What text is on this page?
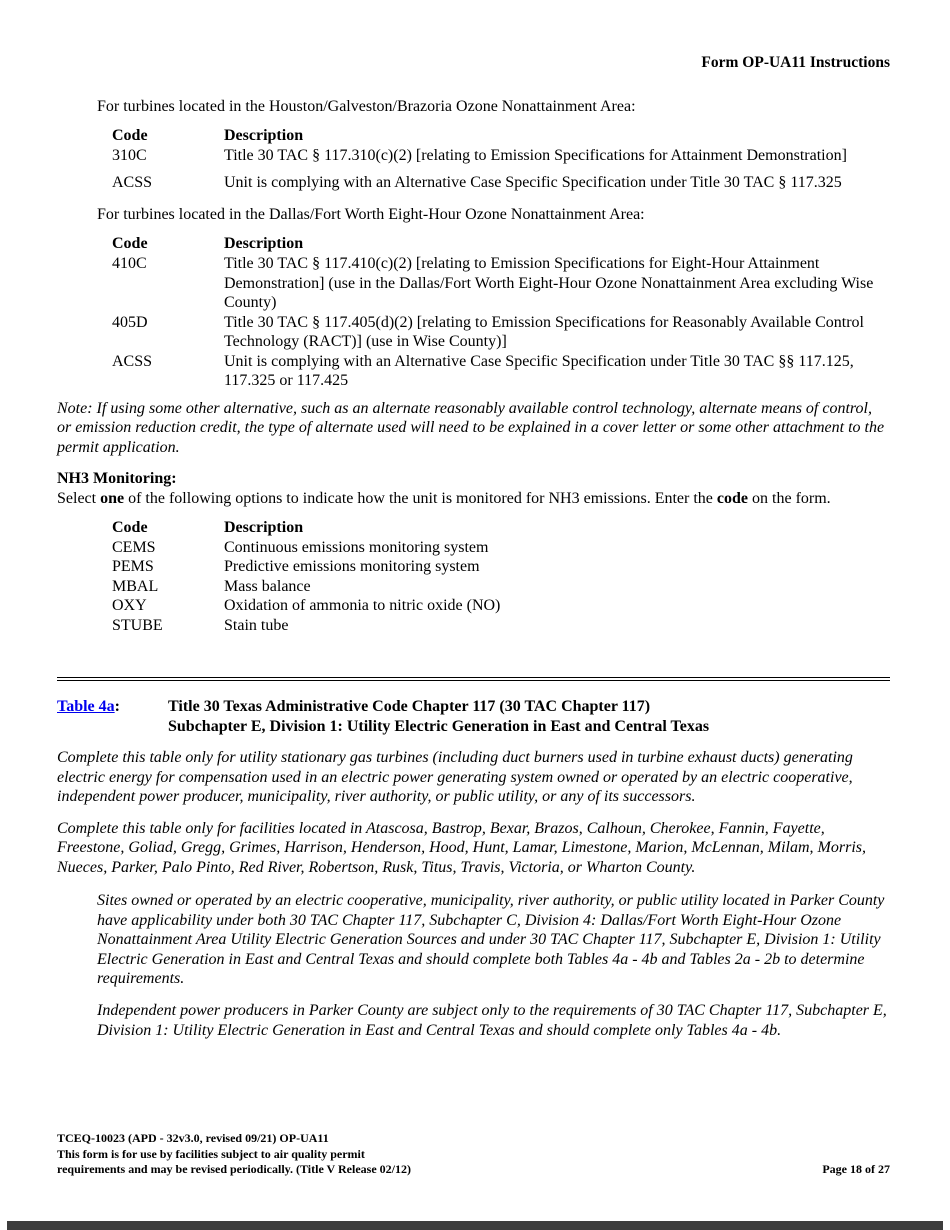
Form OP-UA11 Instructions

For turbines located in the Houston/Galveston/Brazoria Ozone Nonattainment Area:

Code	Description
310C	Title 30 TAC § 117.310(c)(2) [relating to Emission Specifications for Attainment Demonstration]
ACSS	Unit is complying with an Alternative Case Specific Specification under Title 30 TAC § 117.325

For turbines located in the Dallas/Fort Worth Eight-Hour Ozone Nonattainment Area:

Code	Description
410C	Title 30 TAC § 117.410(c)(2) [relating to Emission Specifications for Eight-Hour Attainment Demonstration] (use in the Dallas/Fort Worth Eight-Hour Ozone Nonattainment Area excluding Wise County)
405D	Title 30 TAC § 117.405(d)(2) [relating to Emission Specifications for Reasonably Available Control Technology (RACT)] (use in Wise County)]
ACSS	Unit is complying with an Alternative Case Specific Specification under Title 30 TAC §§ 117.125, 117.325 or 117.425

Note: If using some other alternative, such as an alternate reasonably available control technology, alternate means of control, or emission reduction credit, the type of alternate used will need to be explained in a cover letter or some other attachment to the permit application.

NH3 Monitoring:

Select one of the following options to indicate how the unit is monitored for NH3 emissions. Enter the code on the form.

Code	Description
CEMS	Continuous emissions monitoring system
PEMS	Predictive emissions monitoring system
MBAL	Mass balance
OXY	Oxidation of ammonia to nitric oxide (NO)
STUBE	Stain tube
Table 4a:	Title 30 Texas Administrative Code Chapter 117 (30 TAC Chapter 117)
Subchapter E, Division 1: Utility Electric Generation in East and Central Texas

Complete this table only for utility stationary gas turbines (including duct burners used in turbine exhaust ducts) generating electric energy for compensation used in an electric power generating system owned or operated by an electric cooperative, independent power producer, municipality, river authority, or public utility, or any of its successors.

Complete this table only for facilities located in Atascosa, Bastrop, Bexar, Brazos, Calhoun, Cherokee, Fannin, Fayette, Freestone, Goliad, Gregg, Grimes, Harrison, Henderson, Hood, Hunt, Lamar, Limestone, Marion, McLennan, Milam, Morris, Nueces, Parker, Palo Pinto, Red River, Robertson, Rusk, Titus, Travis, Victoria, or Wharton County.

Sites owned or operated by an electric cooperative, municipality, river authority, or public utility located in Parker County have applicability under both 30 TAC Chapter 117, Subchapter C, Division 4: Dallas/Fort Worth Eight-Hour Ozone Nonattainment Area Utility Electric Generation Sources and under 30 TAC Chapter 117, Subchapter E, Division 1: Utility Electric Generation in East and Central Texas and should complete both Tables 4a - 4b and Tables 2a - 2b to determine requirements.

Independent power producers in Parker County are subject only to the requirements of 30 TAC Chapter 117, Subchapter E, Division 1: Utility Electric Generation in East and Central Texas and should complete only Tables 4a - 4b.

TCEQ-10023 (APD - 32v3.0, revised 09/21) OP-UA11
This form is for use by facilities subject to air quality permit
requirements and may be revised periodically. (Title V Release 02/12)	Page 18 of 27
